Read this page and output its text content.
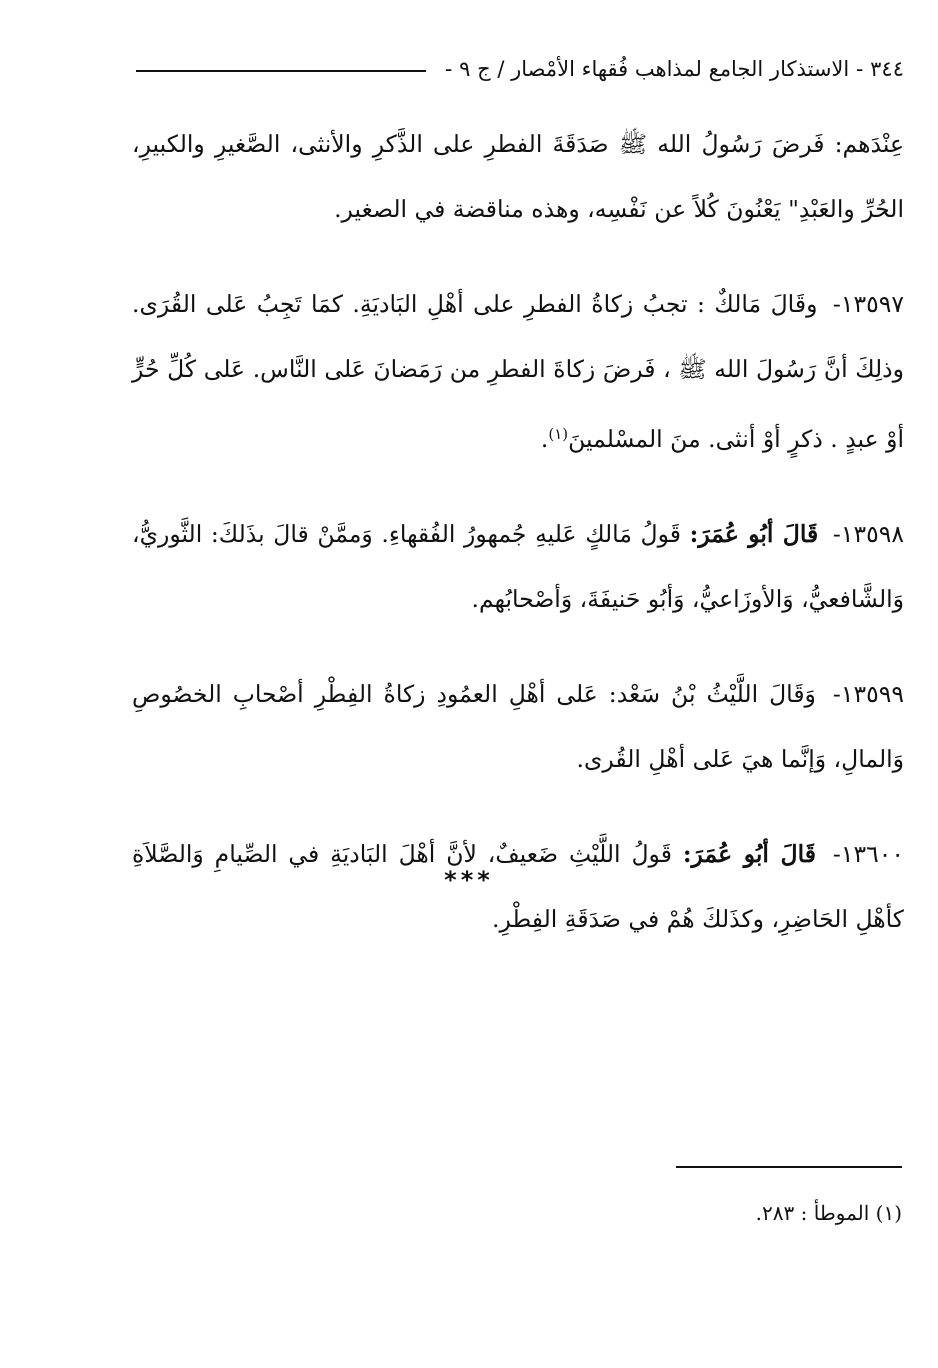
٣٤٤ - الاستذكار الجامع لمذاهب فُقهاء الأمْصار / ج ٩ -

عِنْدَهم: فَرضَ رَسُولُ الله ﷺ صَدَقَةَ الفطرِ على الذَّكرِ والأنثى، الصَّغيرِ والكبيرِ، الحُرِّ والعَبْدِ" يَعْنُونَ كُلاً عن نَفْسِه، وهذه مناقضة في الصغير.

١٣٥٩٧- وقَالَ مَالكٌ : تجبُ زكاةُ الفطرِ على أهْلِ البَاديَةِ. كمَا تَجِبُ عَلى القُرَى. وذلِكَ أنَّ رَسُولَ الله ﷺ ، فَرضَ زكاةَ الفطرِ من رَمَضانَ عَلى النَّاس. عَلى كُلِّ حُرٍّ أوْ عبدٍ . ذكرٍ أوْ أنثى. منَ المسْلمينَ$^{(١)}$.

١٣٥٩٨- قَالَ أبُو عُمَرَ: قَولُ مَالكٍ عَليهِ جُمهورُ الفُقهاءِ. وَممَّنْ قالَ بذَلكَ: الثَّوريُّ، وَالشَّافعيُّ، وَالأوزَاعيُّ، وَأبُو حَنيفَةَ، وَأصْحابُهم.

١٣٥٩٩- وَقَالَ اللَّيْثُ بْنُ سَعْد: عَلى أهْلِ العمُودِ زكاةُ الفِطْرِ أصْحابِ الخصُوصِ وَالمالِ، وَإنَّما هيَ عَلى أهْلِ القُرى.

١٣٦٠٠- قَالَ أبُو عُمَرَ: قَولُ اللَّيْثِ ضَعيفٌ، لأنَّ أهْلَ البَاديَةِ في الصِّيامِ وَالصَّلاَةِ كأهْلِ الحَاضِرِ، وكذَلكَ هُمْ في صَدَقَةِ الفِطْرِ.

***
(١) الموطأ : ٢٨٣.
